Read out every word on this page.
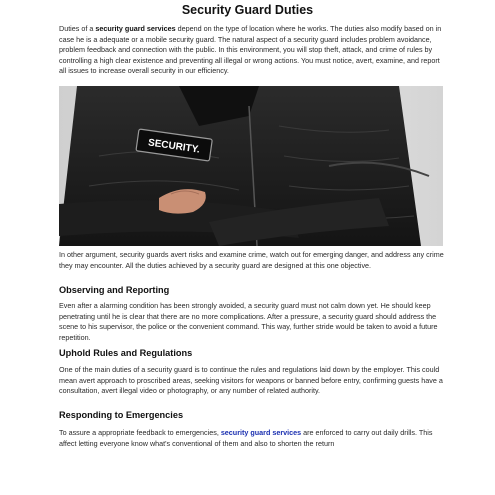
Security Guard Duties
Duties of a security guard services depend on the type of location where he works. The duties also modify based on in case he is a adequate or a mobile security guard. The natural aspect of a security guard includes problem avoidance, problem feedback and connection with the public. In this environment, you will stop theft, attack, and crime of rules by controlling a high clear existence and preventing all illegal or wrong actions. You must notice, avert, examine, and report all issues to increase overall security in our efficiency.
SECURITY.
In other argument, security guards avert risks and examine crime, watch out for emerging danger, and address any crime they may encounter. All the duties achieved by a security guard are designed at this one objective.
Observing and Reporting
Even after a alarming condition has been strongly avoided, a security guard must not calm down yet. He should keep penetrating until he is clear that there are no more complications. After a pressure, a security guard should address the scene to his supervisor, the police or the convenient command. This way, further stride would be taken to avoid a future repetition.
Uphold Rules and Regulations
One of the main duties of a security guard is to continue the rules and regulations laid down by the employer. This could mean avert approach to proscribed areas, seeking visitors for weapons or banned before entry, confirming guests have a consultation, avert illegal video or photography, or any number of related authority.
Responding to Emergencies
To assure a appropriate feedback to emergencies, security guard services are enforced to carry out daily drills. This affect letting everyone know what's conventional of them and also to shorten the return
